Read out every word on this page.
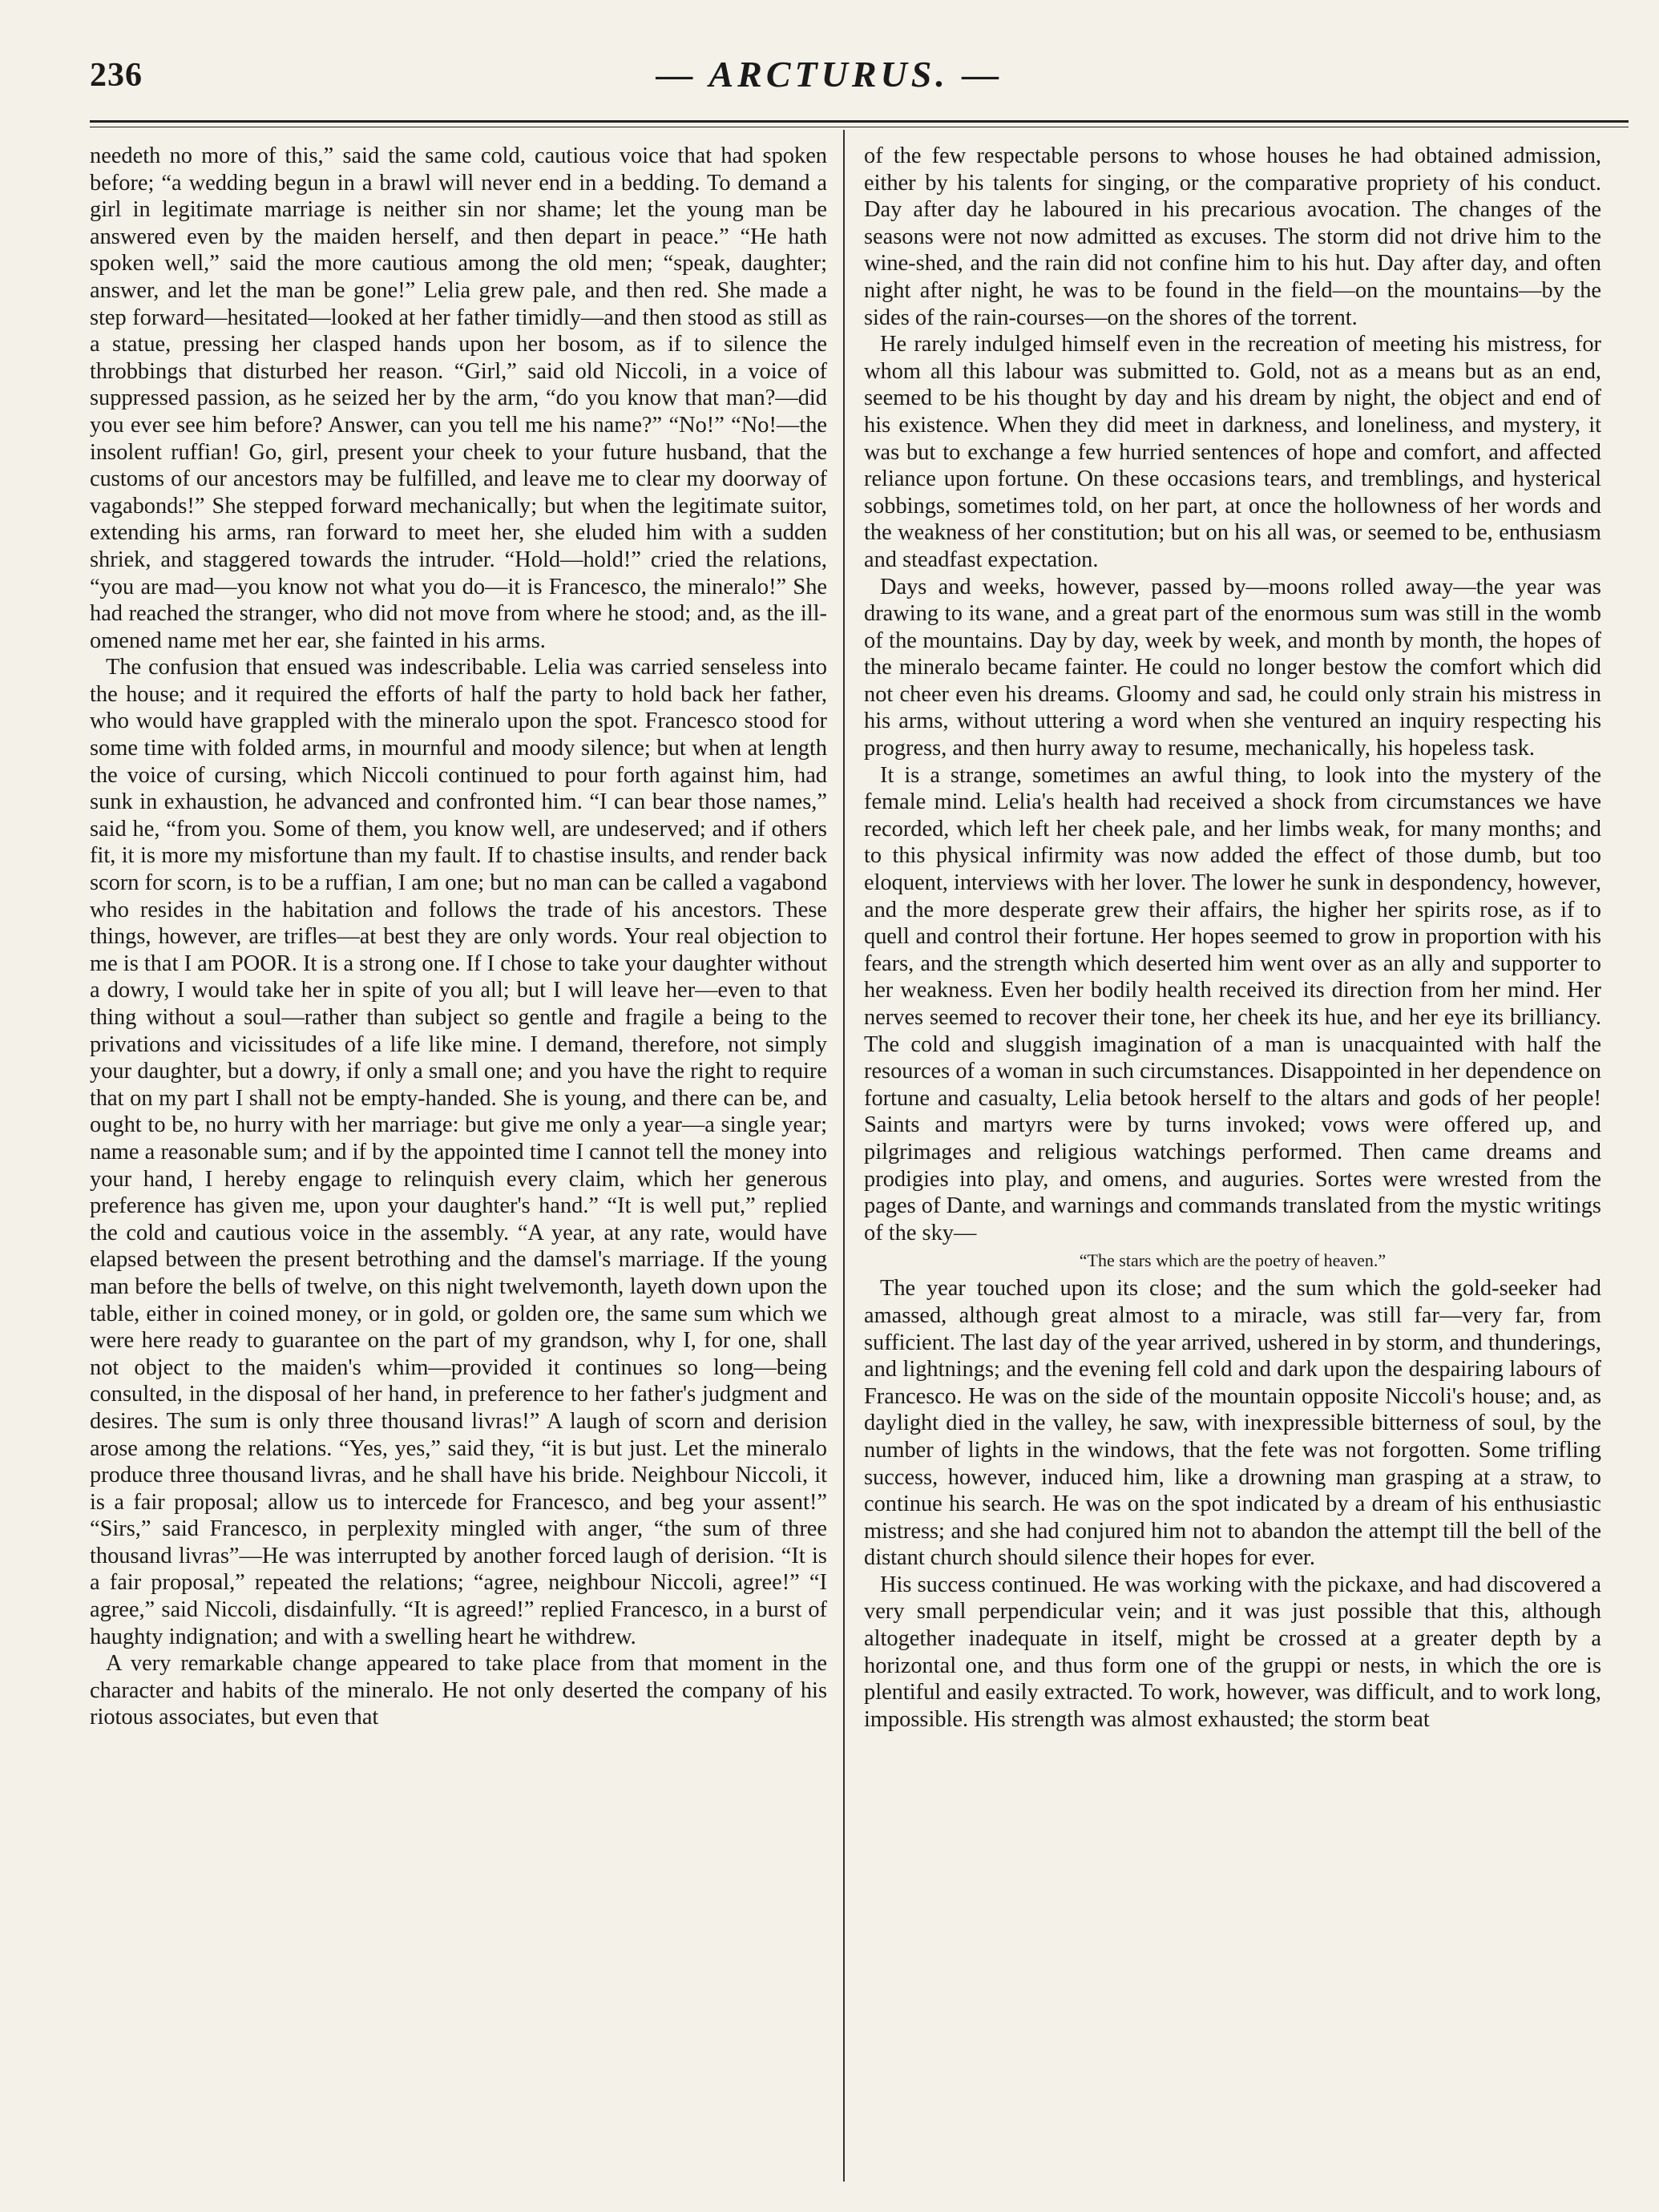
236	— ARCTURUS. —

needeth no more of this,” said the same cold, cautious voice that had spoken before; “a wedding begun in a brawl will never end in a bedding. To demand a girl in legitimate marriage is neither sin nor shame; let the young man be answered even by the maiden herself, and then depart in peace.” “He hath spoken well,” said the more cautious among the old men; “speak, daughter; answer, and let the man be gone!” Lelia grew pale, and then red. She made a step forward—hesitated—looked at her father timidly—and then stood as still as a statue, pressing her clasped hands upon her bosom, as if to silence the throbbings that disturbed her reason. “Girl,” said old Niccoli, in a voice of suppressed passion, as he seized her by the arm, “do you know that man?—did you ever see him before? Answer, can you tell me his name?” “No!” “No!—the insolent ruffian! Go, girl, present your cheek to your future husband, that the customs of our ancestors may be fulfilled, and leave me to clear my doorway of vagabonds!” She stepped forward mechanically; but when the legitimate suitor, extending his arms, ran forward to meet her, she eluded him with a sudden shriek, and staggered towards the intruder. “Hold—hold!” cried the relations, “you are mad—you know not what you do—it is Francesco, the mineralo!” She had reached the stranger, who did not move from where he stood; and, as the ill-omened name met her ear, she fainted in his arms.

The confusion that ensued was indescribable. Lelia was carried senseless into the house; and it required the efforts of half the party to hold back her father, who would have grappled with the mineralo upon the spot. Francesco stood for some time with folded arms, in mournful and moody silence; but when at length the voice of cursing, which Niccoli continued to pour forth against him, had sunk in exhaustion, he advanced and confronted him. “I can bear those names,” said he, “from you. Some of them, you know well, are undeserved; and if others fit, it is more my misfortune than my fault. If to chastise insults, and render back scorn for scorn, is to be a ruffian, I am one; but no man can be called a vagabond who resides in the habitation and follows the trade of his ancestors. These things, however, are trifles—at best they are only words. Your real objection to me is that I am POOR. It is a strong one. If I chose to take your daughter without a dowry, I would take her in spite of you all; but I will leave her—even to that thing without a soul—rather than subject so gentle and fragile a being to the privations and vicissitudes of a life like mine. I demand, therefore, not simply your daughter, but a dowry, if only a small one; and you have the right to require that on my part I shall not be empty-handed. She is young, and there can be, and ought to be, no hurry with her marriage: but give me only a year—a single year; name a reasonable sum; and if by the appointed time I cannot tell the money into your hand, I hereby engage to relinquish every claim, which her generous preference has given me, upon your daughter's hand.” “It is well put,” replied the cold and cautious voice in the assembly. “A year, at any rate, would have elapsed between the present betrothing and the damsel's marriage. If the young man before the bells of twelve, on this night twelvemonth, layeth down upon the table, either in coined money, or in gold, or golden ore, the same sum which we were here ready to guarantee on the part of my grandson, why I, for one, shall not object to the maiden's whim—provided it continues so long—being consulted, in the disposal of her hand, in preference to her father's judgment and desires. The sum is only three thousand livras!” A laugh of scorn and derision arose among the relations. “Yes, yes,” said they, “it is but just. Let the mineralo produce three thousand livras, and he shall have his bride. Neighbour Niccoli, it is a fair proposal; allow us to intercede for Francesco, and beg your assent!” “Sirs,” said Francesco, in perplexity mingled with anger, “the sum of three thousand livras”—He was interrupted by another forced laugh of derision. “It is a fair proposal,” repeated the relations; “agree, neighbour Niccoli, agree!” “I agree,” said Niccoli, disdainfully. “It is agreed!” replied Francesco, in a burst of haughty indignation; and with a swelling heart he withdrew.

A very remarkable change appeared to take place from that moment in the character and habits of the mineralo. He not only deserted the company of his riotous associates, but even that

of the few respectable persons to whose houses he had obtained admission, either by his talents for singing, or the comparative propriety of his conduct. Day after day he laboured in his precarious avocation. The changes of the seasons were not now admitted as excuses. The storm did not drive him to the wine-shed, and the rain did not confine him to his hut. Day after day, and often night after night, he was to be found in the field—on the mountains—by the sides of the rain-courses—on the shores of the torrent.

He rarely indulged himself even in the recreation of meeting his mistress, for whom all this labour was submitted to. Gold, not as a means but as an end, seemed to be his thought by day and his dream by night, the object and end of his existence. When they did meet in darkness, and loneliness, and mystery, it was but to exchange a few hurried sentences of hope and comfort, and affected reliance upon fortune. On these occasions tears, and tremblings, and hysterical sobbings, sometimes told, on her part, at once the hollowness of her words and the weakness of her constitution; but on his all was, or seemed to be, enthusiasm and steadfast expectation.

Days and weeks, however, passed by—moons rolled away—the year was drawing to its wane, and a great part of the enormous sum was still in the womb of the mountains. Day by day, week by week, and month by month, the hopes of the mineralo became fainter. He could no longer bestow the comfort which did not cheer even his dreams. Gloomy and sad, he could only strain his mistress in his arms, without uttering a word when she ventured an inquiry respecting his progress, and then hurry away to resume, mechanically, his hopeless task.

It is a strange, sometimes an awful thing, to look into the mystery of the female mind. Lelia's health had received a shock from circumstances we have recorded, which left her cheek pale, and her limbs weak, for many months; and to this physical infirmity was now added the effect of those dumb, but too eloquent, interviews with her lover. The lower he sunk in despondency, however, and the more desperate grew their affairs, the higher her spirits rose, as if to quell and control their fortune. Her hopes seemed to grow in proportion with his fears, and the strength which deserted him went over as an ally and supporter to her weakness. Even her bodily health received its direction from her mind. Her nerves seemed to recover their tone, her cheek its hue, and her eye its brilliancy. The cold and sluggish imagination of a man is unacquainted with half the resources of a woman in such circumstances. Disappointed in her dependence on fortune and casualty, Lelia betook herself to the altars and gods of her people! Saints and martyrs were by turns invoked; vows were offered up, and pilgrimages and religious watchings performed. Then came dreams and prodigies into play, and omens, and auguries. Sortes were wrested from the pages of Dante, and warnings and commands translated from the mystic writings of the sky—

“The stars which are the poetry of heaven.”

The year touched upon its close; and the sum which the gold-seeker had amassed, although great almost to a miracle, was still far—very far, from sufficient. The last day of the year arrived, ushered in by storm, and thunderings, and lightnings; and the evening fell cold and dark upon the despairing labours of Francesco. He was on the side of the mountain opposite Niccoli's house; and, as daylight died in the valley, he saw, with inexpressible bitterness of soul, by the number of lights in the windows, that the fete was not forgotten. Some trifling success, however, induced him, like a drowning man grasping at a straw, to continue his search. He was on the spot indicated by a dream of his enthusiastic mistress; and she had conjured him not to abandon the attempt till the bell of the distant church should silence their hopes for ever.

His success continued. He was working with the pickaxe, and had discovered a very small perpendicular vein; and it was just possible that this, although altogether inadequate in itself, might be crossed at a greater depth by a horizontal one, and thus form one of the gruppi or nests, in which the ore is plentiful and easily extracted. To work, however, was difficult, and to work long, impossible. His strength was almost exhausted; the storm beat
